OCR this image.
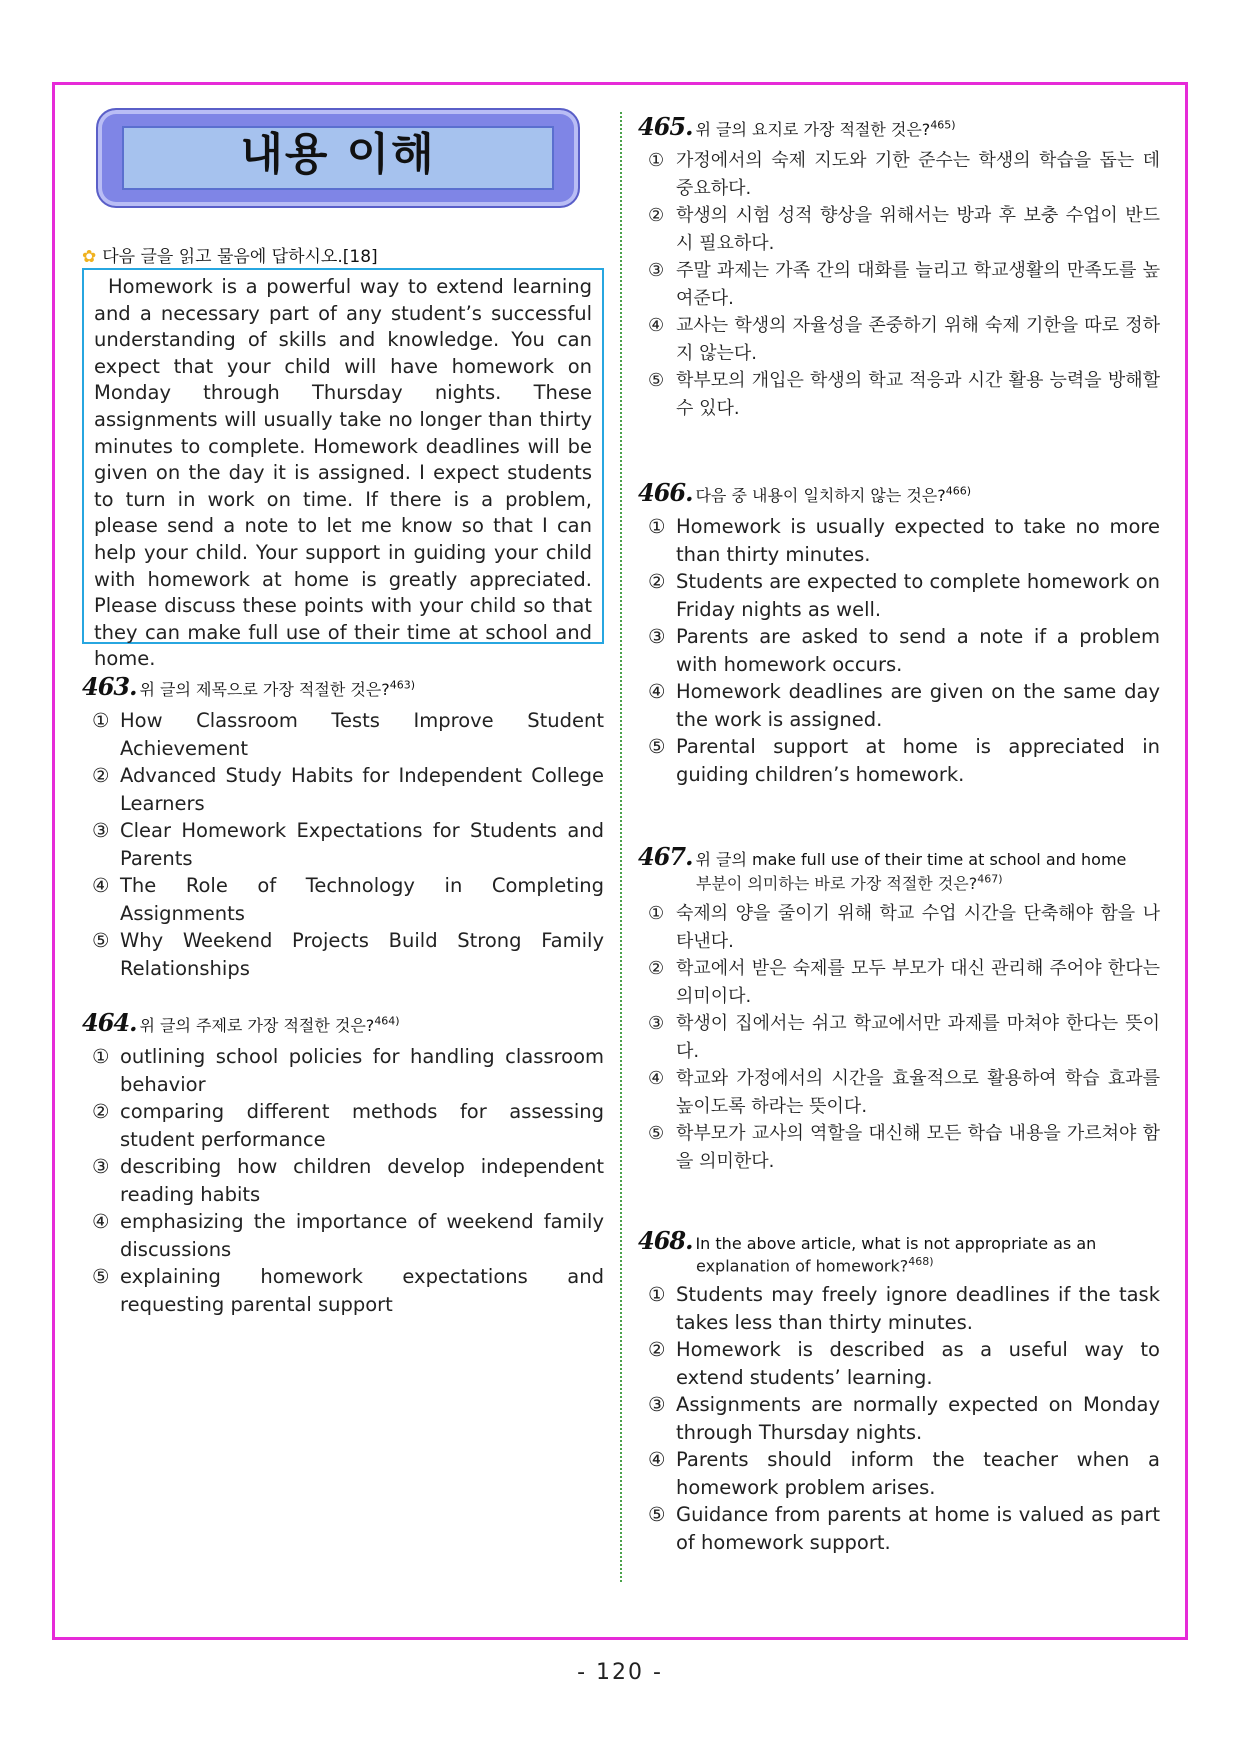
내용 이해
✿ 다음 글을 읽고 물음에 답하시오.[18]

Homework is a powerful way to extend learning and a necessary part of any student’s successful understanding of skills and knowledge. You can expect that your child will have homework on Monday through Thursday nights. These assignments will usually take no longer than thirty minutes to complete. Homework deadlines will be given on the day it is assigned. I expect students to turn in work on time. If there is a problem, please send a note to let me know so that I can help your child. Your support in guiding your child with homework at home is greatly appreciated. Please discuss these points with your child so that they can make full use of their time at school and home.

463. 위 글의 제목으로 가장 적절한 것은?$^{463)}$
① How Classroom Tests Improve Student Achievement
② Advanced Study Habits for Independent College Learners
③ Clear Homework Expectations for Students and Parents
④ The Role of Technology in Completing Assignments
⑤ Why Weekend Projects Build Strong Family Relationships
464. 위 글의 주제로 가장 적절한 것은?$^{464)}$
① outlining school policies for handling classroom behavior
② comparing different methods for assessing student performance
③ describing how children develop independent reading habits
④ emphasizing the importance of weekend family discussions
⑤ explaining homework expectations and requesting parental support
465. 위 글의 요지로 가장 적절한 것은?$^{465)}$
① 가정에서의 숙제 지도와 기한 준수는 학생의 학습을 돕는 데 중요하다.
② 학생의 시험 성적 향상을 위해서는 방과 후 보충 수업이 반드시 필요하다.
③ 주말 과제는 가족 간의 대화를 늘리고 학교생활의 만족도를 높여준다.
④ 교사는 학생의 자율성을 존중하기 위해 숙제 기한을 따로 정하지 않는다.
⑤ 학부모의 개입은 학생의 학교 적응과 시간 활용 능력을 방해할 수 있다.
466. 다음 중 내용이 일치하지 않는 것은?$^{466)}$
① Homework is usually expected to take no more than thirty minutes.
② Students are expected to complete homework on Friday nights as well.
③ Parents are asked to send a note if a problem with homework occurs.
④ Homework deadlines are given on the same day the work is assigned.
⑤ Parental support at home is appreciated in guiding children’s homework.
467. 위 글의 make full use of their time at school and home
부분이 의미하는 바로 가장 적절한 것은?$^{467)}$
① 숙제의 양을 줄이기 위해 학교 수업 시간을 단축해야 함을 나타낸다.
② 학교에서 받은 숙제를 모두 부모가 대신 관리해 주어야 한다는 의미이다.
③ 학생이 집에서는 쉬고 학교에서만 과제를 마쳐야 한다는 뜻이다.
④ 학교와 가정에서의 시간을 효율적으로 활용하여 학습 효과를 높이도록 하라는 뜻이다.
⑤ 학부모가 교사의 역할을 대신해 모든 학습 내용을 가르쳐야 함을 의미한다.
468. In the above article, what is not appropriate as an
explanation of homework?$^{468)}$
① Students may freely ignore deadlines if the task takes less than thirty minutes.
② Homework is described as a useful way to extend students’ learning.
③ Assignments are normally expected on Monday through Thursday nights.
④ Parents should inform the teacher when a homework problem arises.
⑤ Guidance from parents at home is valued as part of homework support.
- 120 -
